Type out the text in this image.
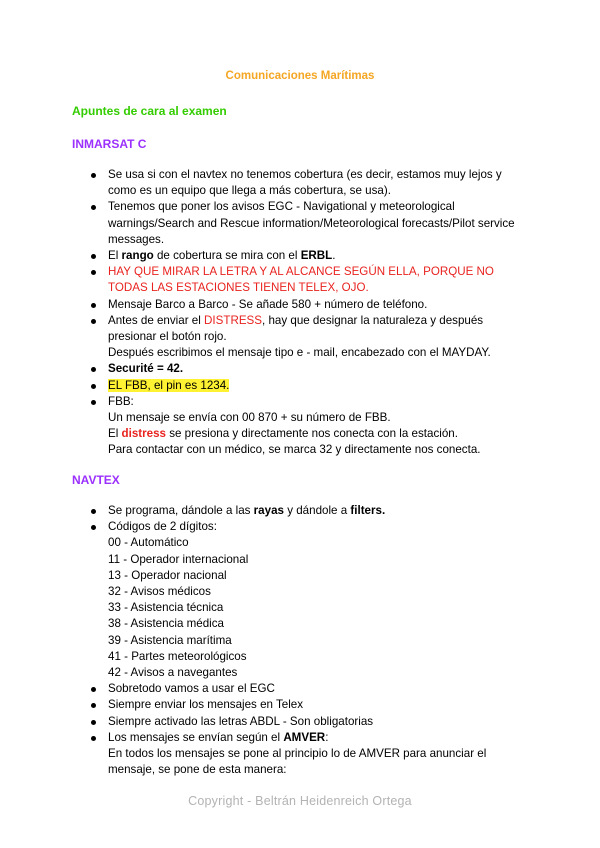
Comunicaciones Marítimas
Apuntes de cara al examen
INMARSAT C
Se usa si con el navtex no tenemos cobertura (es decir, estamos muy lejos y como es un equipo que llega a más cobertura, se usa).
Tenemos que poner los avisos EGC - Navigational y meteorological warnings/Search and Rescue information/Meteorological forecasts/Pilot service messages.
El rango de cobertura se mira con el ERBL.
HAY QUE MIRAR LA LETRA Y AL ALCANCE SEGÚN ELLA, PORQUE NO TODAS LAS ESTACIONES TIENEN TELEX, OJO.
Mensaje Barco a Barco - Se añade 580 + número de teléfono.
Antes de enviar el DISTRESS, hay que designar la naturaleza y después presionar el botón rojo.
Después escribimos el mensaje tipo e - mail, encabezado con el MAYDAY.
Securité = 42.
EL FBB, el pin es 1234.
FBB:
Un mensaje se envía con 00 870 + su número de FBB.
El distress se presiona y directamente nos conecta con la estación.
Para contactar con un médico, se marca 32 y directamente nos conecta.
NAVTEX
Se programa, dándole a las rayas y dándole a filters.
Códigos de 2 dígitos:
00 - Automático
11 - Operador internacional
13 - Operador nacional
32 - Avisos médicos
33 - Asistencia técnica
38 - Asistencia médica
39 - Asistencia marítima
41 - Partes meteorológicos
42 - Avisos a navegantes
Sobretodo vamos a usar el EGC
Siempre enviar los mensajes en Telex
Siempre activado las letras ABDL - Son obligatorias
Los mensajes se envían según el AMVER:
En todos los mensajes se pone al principio lo de AMVER para anunciar el mensaje, se pone de esta manera:
Copyright - Beltrán Heidenreich Ortega
